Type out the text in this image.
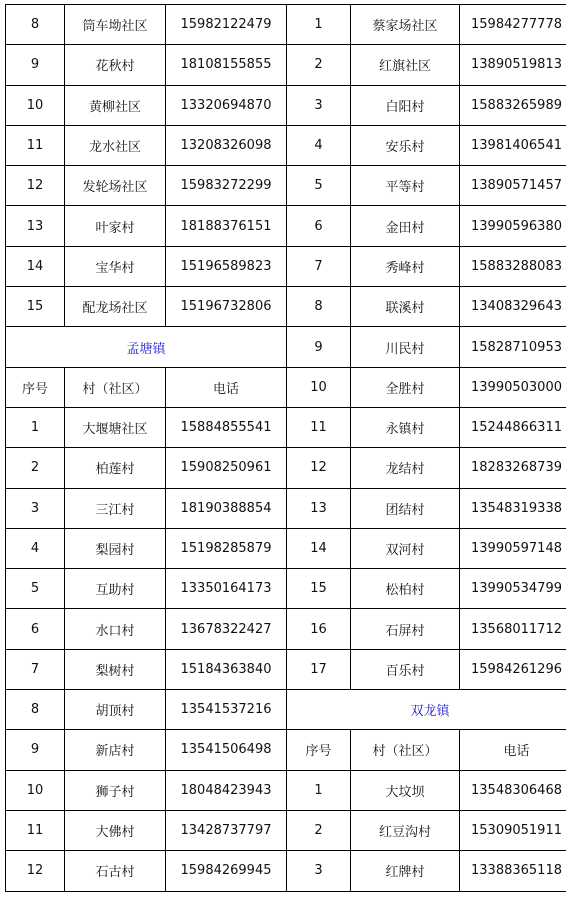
8	筒车坳社区	15982122479	1	蔡家场社区	15984277778
9	花秋村	18108155855	2	红旗社区	13890519813
10	黄柳社区	13320694870	3	白阳村	15883265989
11	龙水社区	13208326098	4	安乐村	13981406541
12	发轮场社区	15983272299	5	平等村	13890571457
13	叶家村	18188376151	6	金田村	13990596380
14	宝华村	15196589823	7	秀峰村	15883288083
15	配龙场社区	15196732806	8	联溪村	13408329643
孟塘镇			9	川民村	15828710953
序号	村（社区）	电话	10	全胜村	13990503000
1	大堰塘社区	15884855541	11	永镇村	15244866311
2	柏莲村	15908250961	12	龙结村	18283268739
3	三江村	18190388854	13	团结村	13548319338
4	梨园村	15198285879	14	双河村	13990597148
5	互助村	13350164173	15	松柏村	13990534799
6	水口村	13678322427	16	石屏村	13568011712
7	梨树村	15184363840	17	百乐村	15984261296
8	胡顶村	13541537216	双龙镇		
9	新店村	13541506498	序号	村（社区）	电话
10	狮子村	18048423943	1	大坟坝	13548306468
11	大佛村	13428737797	2	红豆沟村	15309051911
12	石古村	15984269945	3	红牌村	13388365118
